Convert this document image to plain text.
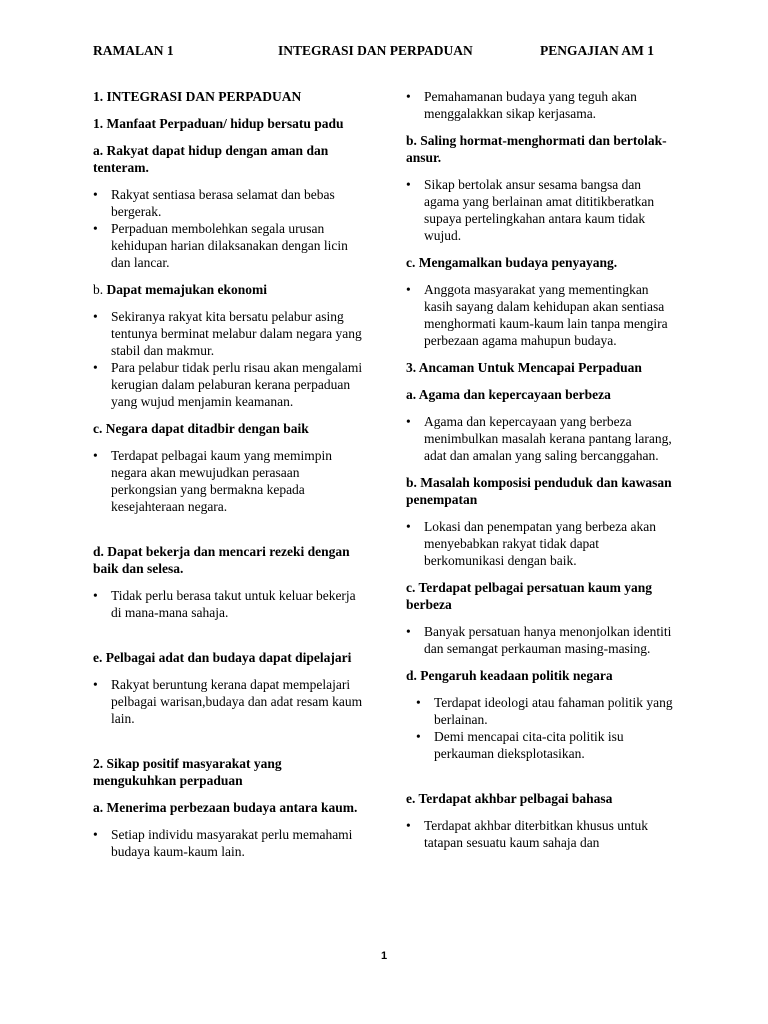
RAMALAN 1	INTEGRASI DAN PERPADUAN	PENGAJIAN AM 1
1. INTEGRASI DAN PERPADUAN
1. Manfaat Perpaduan/ hidup bersatu padu
a. Rakyat dapat hidup dengan aman dan tenteram.
• Rakyat sentiasa berasa selamat dan bebas bergerak.
• Perpaduan membolehkan segala urusan kehidupan harian dilaksanakan dengan licin dan lancar.
b. Dapat memajukan ekonomi
• Sekiranya rakyat kita bersatu pelabur asing tentunya berminat melabur dalam negara yang stabil dan makmur.
• Para pelabur tidak perlu risau akan mengalami kerugian dalam pelaburan kerana perpaduan yang wujud menjamin keamanan.
c. Negara dapat ditadbir dengan baik
• Terdapat pelbagai kaum yang memimpin negara akan mewujudkan perasaan perkongsian yang bermakna kepada kesejahteraan negara.
d. Dapat bekerja dan mencari rezeki dengan baik dan selesa.
• Tidak perlu berasa takut untuk keluar bekerja di mana-mana sahaja.
e. Pelbagai adat dan budaya dapat dipelajari
• Rakyat beruntung kerana dapat mempelajari pelbagai warisan,budaya dan adat resam kaum lain.
2. Sikap positif masyarakat yang mengukuhkan perpaduan
a. Menerima perbezaan budaya antara kaum.
• Setiap individu masyarakat perlu memahami budaya kaum-kaum lain.
• Pemahamanan budaya yang teguh akan menggalakkan sikap kerjasama.
b. Saling hormat-menghormati dan bertolak-ansur.
• Sikap bertolak ansur sesama bangsa dan agama yang berlainan amat dititikberatkan supaya pertelingkahan antara kaum tidak wujud.
c. Mengamalkan budaya penyayang.
• Anggota masyarakat yang mementingkan kasih sayang dalam kehidupan akan sentiasa menghormati kaum-kaum lain tanpa mengira perbezaan agama mahupun budaya.
3. Ancaman Untuk Mencapai Perpaduan
a. Agama dan kepercayaan berbeza
• Agama dan kepercayaan yang berbeza menimbulkan masalah kerana pantang larang, adat dan amalan yang saling bercanggahan.
b. Masalah komposisi penduduk dan kawasan penempatan
• Lokasi dan penempatan yang berbeza akan menyebabkan rakyat tidak dapat berkomunikasi dengan baik.
c. Terdapat pelbagai persatuan kaum yang berbeza
• Banyak persatuan hanya menonjolkan identiti dan semangat perkauman masing-masing.
d. Pengaruh keadaan politik negara
• Terdapat ideologi atau fahaman politik yang berlainan.
• Demi mencapai cita-cita politik isu perkauman dieksplotasikan.
e. Terdapat akhbar pelbagai bahasa
• Terdapat akhbar diterbitkan khusus untuk tatapan sesuatu kaum sahaja dan
1
